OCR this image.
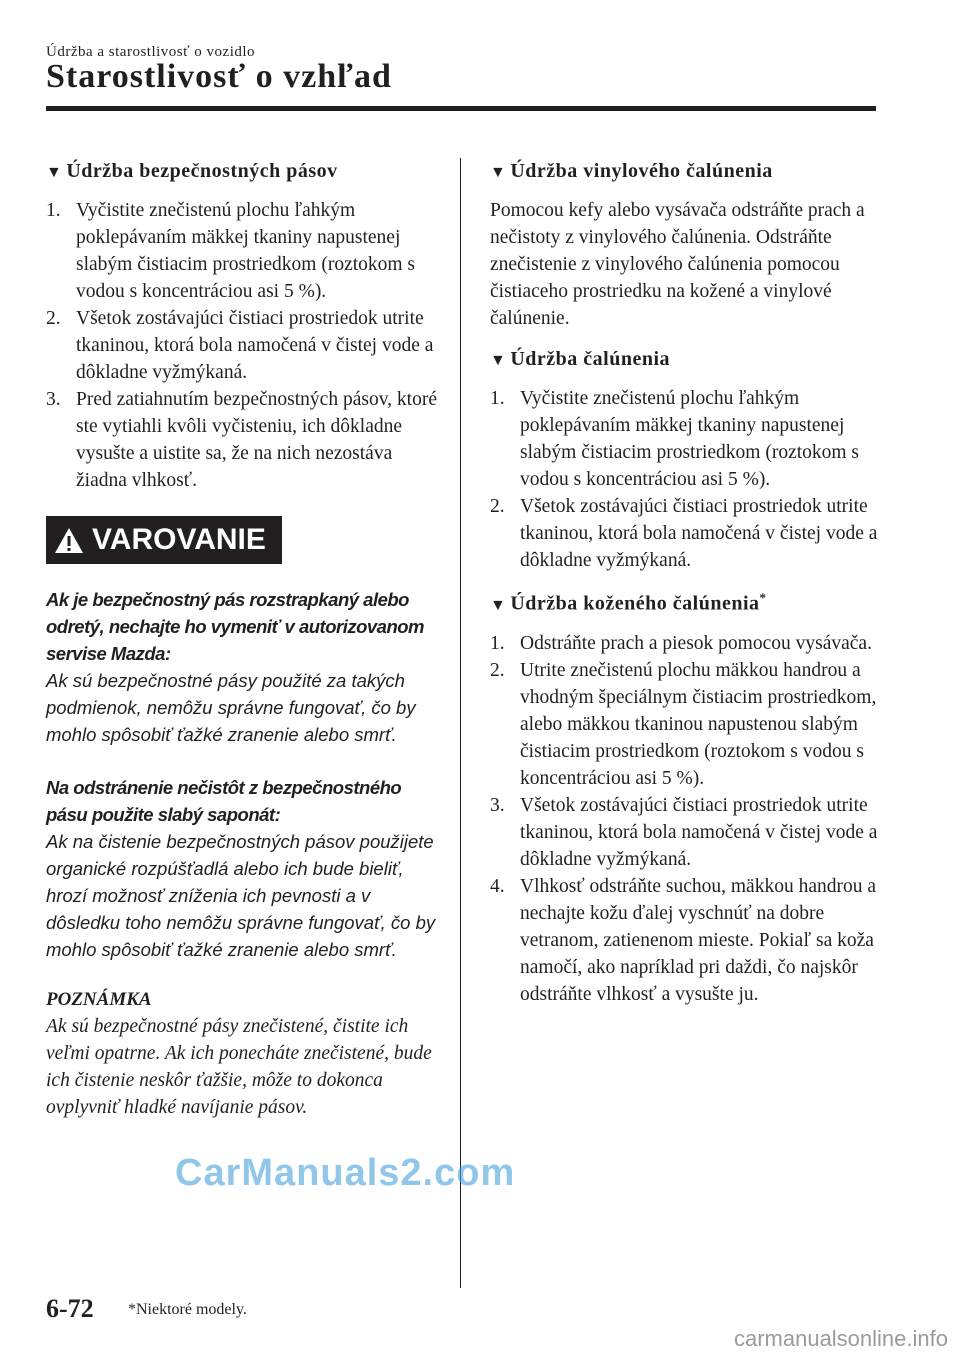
Údržba a starostlivosť o vozidlo
Starostlivosť o vzhľad
▼ Údržba bezpečnostných pásov
1. Vyčistite znečistenú plochu ľahkým poklepávaním mäkkej tkaniny napustenej slabým čistiacim prostriedkom (roztokom s vodou s koncentráciou asi 5 %).
2. Všetok zostávajúci čistiaci prostriedok utrite tkaninou, ktorá bola namočená v čistej vode a dôkladne vyžmýkaná.
3. Pred zatiahnutím bezpečnostných pásov, ktoré ste vytiahli kvôli vyčisteniu, ich dôkladne vysušte a uistite sa, že na nich nezostáva žiadna vlhkosť.
VAROVANIE

Ak je bezpečnostný pás rozstrapkaný alebo odretý, nechajte ho vymeniť v autorizovanom servise Mazda:
Ak sú bezpečnostné pásy použité za takých podmienok, nemôžu správne fungovať, čo by mohlo spôsobiť ťažké zranenie alebo smrť.

Na odstránenie nečistôt z bezpečnostného pásu použite slabý saponát:
Ak na čistenie bezpečnostných pásov použijete organické rozpúšťadlá alebo ich bude bieliť, hrozí možnosť zníženia ich pevnosti a v dôsledku toho nemôžu správne fungovať, čo by mohlo spôsobiť ťažké zranenie alebo smrť.

POZNÁMKA

Ak sú bezpečnostné pásy znečistené, čistite ich veľmi opatrne. Ak ich ponecháte znečistené, bude ich čistenie neskôr ťažšie, môže to dokonca ovplyvniť hladké navíjanie pásov.

▼ Údržba vinylového čalúnenia

Pomocou kefy alebo vysávača odstráňte prach a nečistoty z vinylového čalúnenia. Odstráňte znečistenie z vinylového čalúnenia pomocou čistiaceho prostriedku na kožené a vinylové čalúnenie.

▼ Údržba čalúnenia
1. Vyčistite znečistenú plochu ľahkým poklepávaním mäkkej tkaniny napustenej slabým čistiacim prostriedkom (roztokom s vodou s koncentráciou asi 5 %).
2. Všetok zostávajúci čistiaci prostriedok utrite tkaninou, ktorá bola namočená v čistej vode a dôkladne vyžmýkaná.
▼ Údržba koženého čalúnenia*
1. Odstráňte prach a piesok pomocou vysávača.
2. Utrite znečistenú plochu mäkkou handrou a vhodným špeciálnym čistiacim prostriedkom, alebo mäkkou tkaninou napustenou slabým čistiacim prostriedkom (roztokom s vodou s koncentráciou asi 5 %).
3. Všetok zostávajúci čistiaci prostriedok utrite tkaninou, ktorá bola namočená v čistej vode a dôkladne vyžmýkaná.
4. Vlhkosť odstráňte suchou, mäkkou handrou a nechajte kožu ďalej vyschnúť na dobre vetranom, zatienenom mieste. Pokiaľ sa koža namočí, ako napríklad pri daždi, čo najskôr odstráňte vlhkosť a vysušte ju.
CarManuals2.com
6-72 *Niektoré modely.
carmanualsonline.info
